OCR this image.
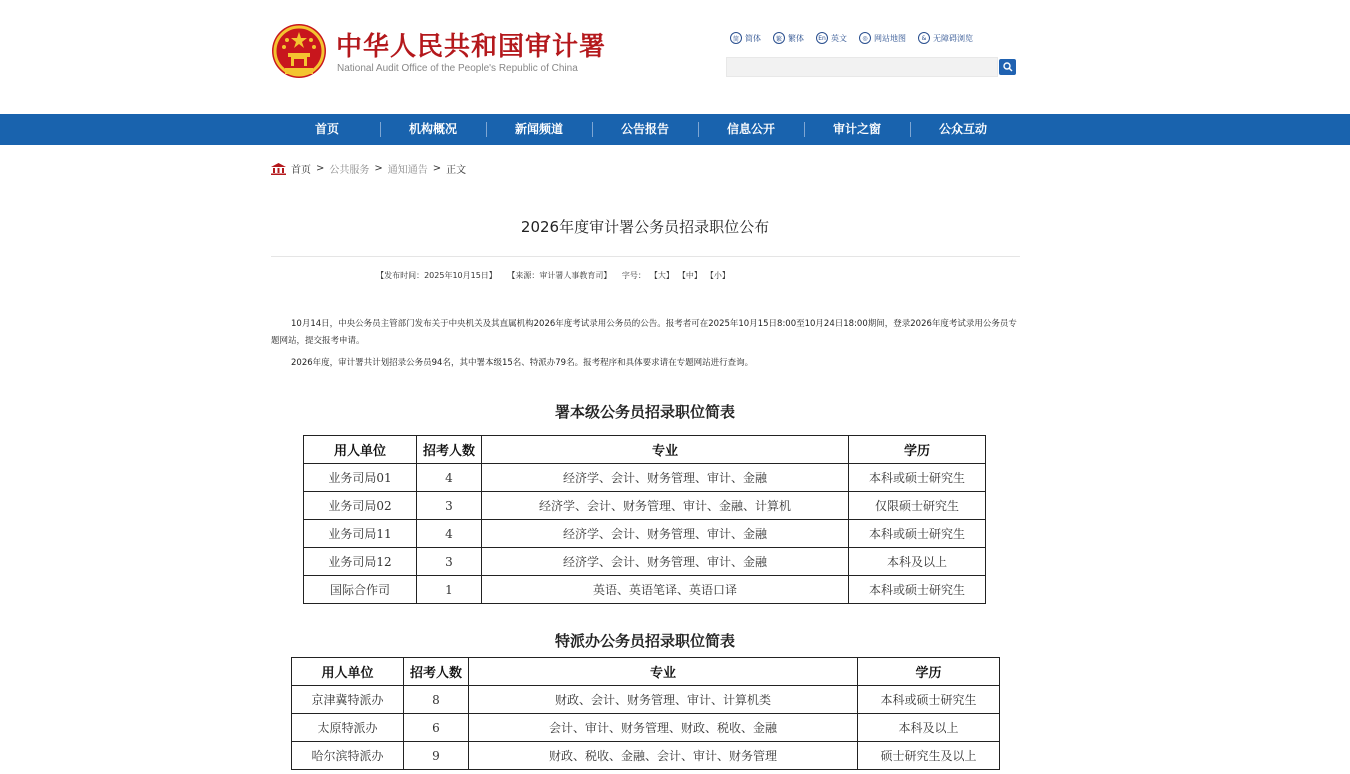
中华人民共和国审计署
National Audit Office of the People's Republic of China
简 简体	繁 繁体	En 英文	◎ 网站地图	& 无障碍浏览
首页	机构概况	新闻频道	公告报告	信息公开	审计之窗	公众互动
首页 > 公共服务 > 通知通告 > 正文
2026年度审计署公务员招录职位公布
【发布时间：2025年10月15日】 【来源：审计署人事教育司】 字号： 【大】 【中】 【小】
10月14日，中央公务员主管部门发布关于中央机关及其直属机构2026年度考试录用公务员的公告。报考者可在2025年10月15日8:00至10月24日18:00期间，登录2026年度考试录用公务员专题网站，提交报考申请。
2026年度，审计署共计划招录公务员94名，其中署本级15名、特派办79名。报考程序和具体要求请在专题网站进行查询。
署本级公务员招录职位简表
用人单位	招考人数	专业	学历
业务司局01	4	经济学、会计、财务管理、审计、金融	本科或硕士研究生
业务司局02	3	经济学、会计、财务管理、审计、金融、计算机	仅限硕士研究生
业务司局11	4	经济学、会计、财务管理、审计、金融	本科或硕士研究生
业务司局12	3	经济学、会计、财务管理、审计、金融	本科及以上
国际合作司	1	英语、英语笔译、英语口译	本科或硕士研究生
特派办公务员招录职位简表
用人单位	招考人数	专业	学历
京津冀特派办	8	财政、会计、财务管理、审计、计算机类	本科或硕士研究生
太原特派办	6	会计、审计、财务管理、财政、税收、金融	本科及以上
哈尔滨特派办	9	财政、税收、金融、会计、审计、财务管理	硕士研究生及以上
